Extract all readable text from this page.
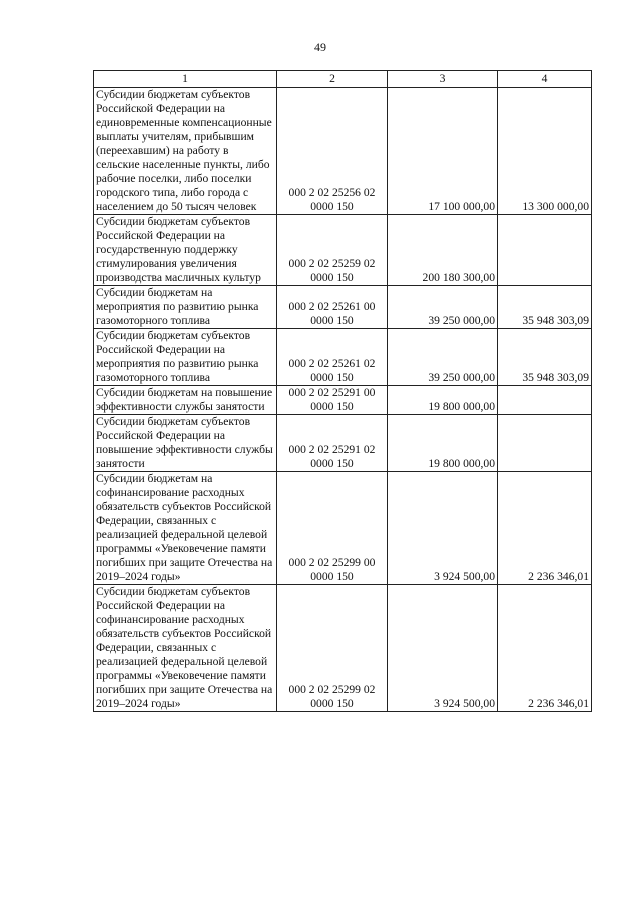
49
1	2	3	4
Субсидии бюджетам субъектов Российской Федерации на единовременные компенсационные выплаты учителям, прибывшим (переехавшим) на работу в сельские населенные пункты, либо рабочие поселки, либо поселки городского типа, либо города с населением до 50 тысяч человек	000 2 02 25256 02 0000 150	17 100 000,00	13 300 000,00
Субсидии бюджетам субъектов Российской Федерации на государственную поддержку стимулирования увеличения производства масличных культур	000 2 02 25259 02 0000 150	200 180 300,00	
Субсидии бюджетам на мероприятия по развитию рынка газомоторного топлива	000 2 02 25261 00 0000 150	39 250 000,00	35 948 303,09
Субсидии бюджетам субъектов Российской Федерации на мероприятия по развитию рынка газомоторного топлива	000 2 02 25261 02 0000 150	39 250 000,00	35 948 303,09
Субсидии бюджетам на повышение эффективности службы занятости	000 2 02 25291 00 0000 150	19 800 000,00	
Субсидии бюджетам субъектов Российской Федерации на повышение эффективности службы занятости	000 2 02 25291 02 0000 150	19 800 000,00	
Субсидии бюджетам на софинансирование расходных обязательств субъектов Российской Федерации, связанных с реализацией федеральной целевой программы «Увековечение памяти погибших при защите Отечества на 2019–2024 годы»	000 2 02 25299 00 0000 150	3 924 500,00	2 236 346,01
Субсидии бюджетам субъектов Российской Федерации на софинансирование расходных обязательств субъектов Российской Федерации, связанных с реализацией федеральной целевой программы «Увековечение памяти погибших при защите Отечества на 2019–2024 годы»	000 2 02 25299 02 0000 150	3 924 500,00	2 236 346,01
